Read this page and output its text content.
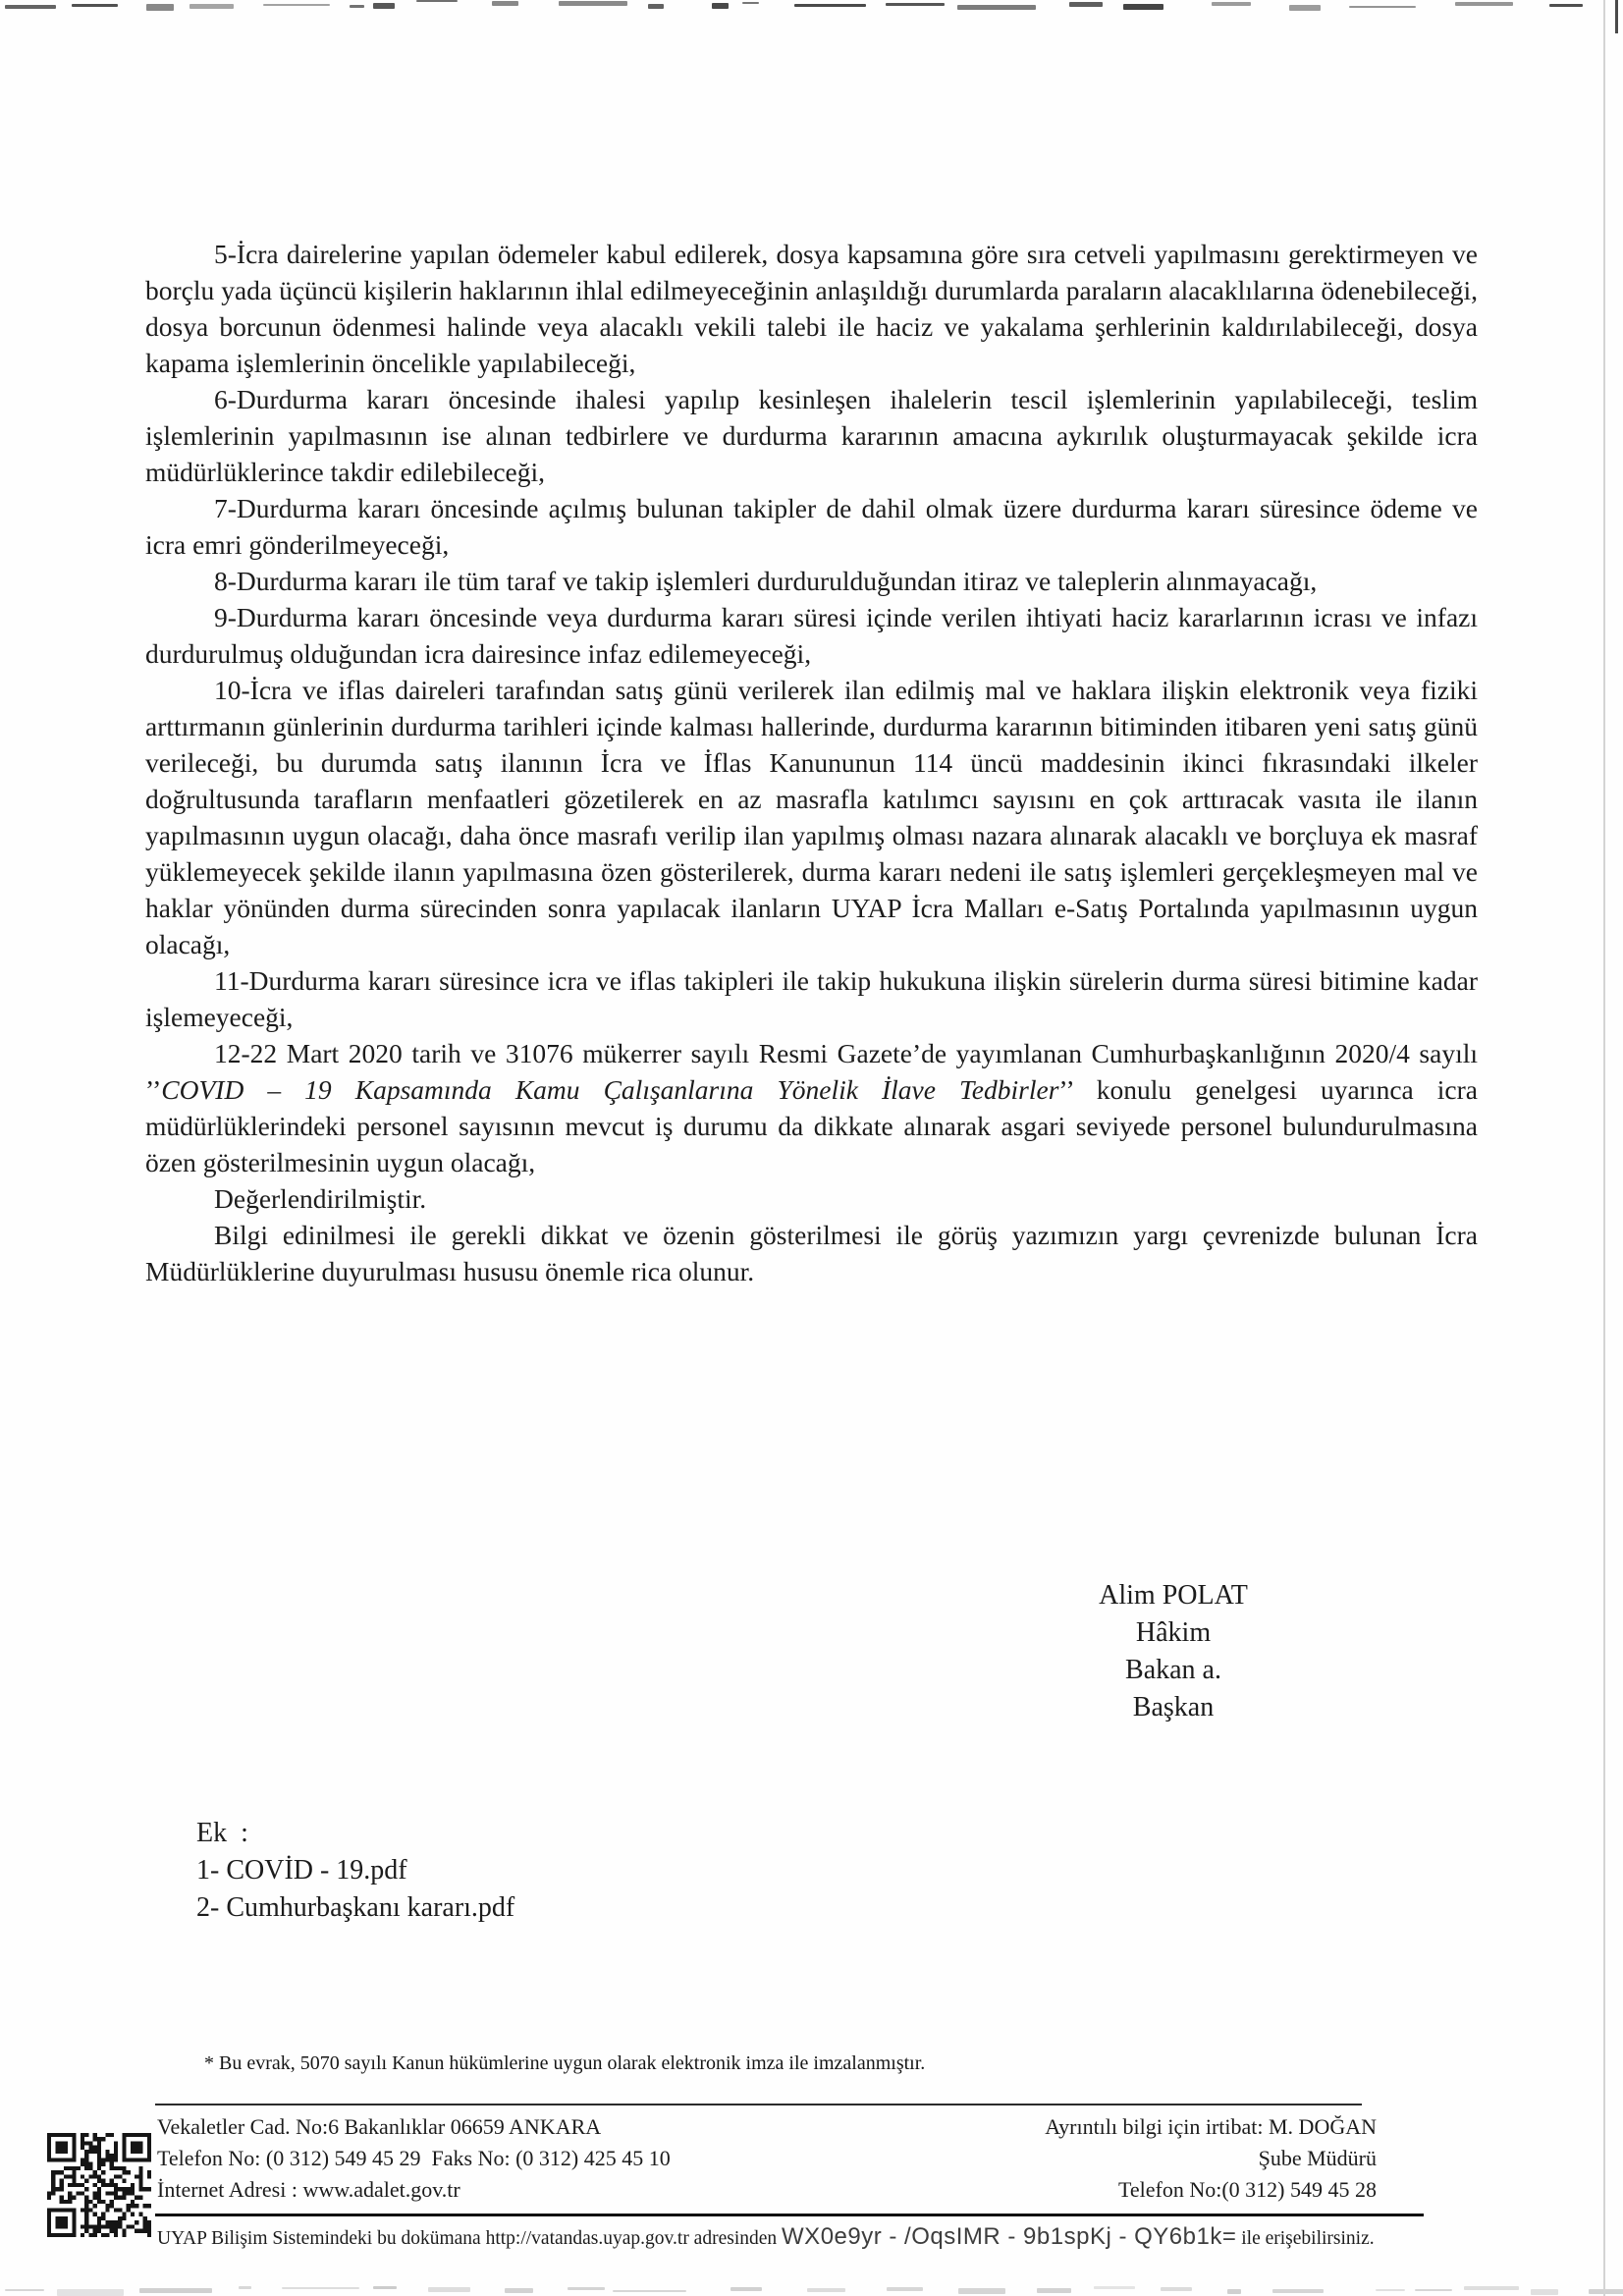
5-İcra dairelerine yapılan ödemeler kabul edilerek, dosya kapsamına göre sıra cetveli yapılmasını gerektirmeyen ve borçlu yada üçüncü kişilerin haklarının ihlal edilmeyeceğinin anlaşıldığı durumlarda paraların alacaklılarına ödenebileceği, dosya borcunun ödenmesi halinde veya alacaklı vekili talebi ile haciz ve yakalama şerhlerinin kaldırılabileceği, dosya kapama işlemlerinin öncelikle yapılabileceği,

6-Durdurma kararı öncesinde ihalesi yapılıp kesinleşen ihalelerin tescil işlemlerinin yapılabileceği, teslim işlemlerinin yapılmasının ise alınan tedbirlere ve durdurma kararının amacına aykırılık oluşturmayacak şekilde icra müdürlüklerince takdir edilebileceği,

7-Durdurma kararı öncesinde açılmış bulunan takipler de dahil olmak üzere durdurma kararı süresince ödeme ve icra emri gönderilmeyeceği,

8-Durdurma kararı ile tüm taraf ve takip işlemleri durdurulduğundan itiraz ve taleplerin alınmayacağı,

9-Durdurma kararı öncesinde veya durdurma kararı süresi içinde verilen ihtiyati haciz kararlarının icrası ve infazı durdurulmuş olduğundan icra dairesince infaz edilemeyeceği,

10-İcra ve iflas daireleri tarafından satış günü verilerek ilan edilmiş mal ve haklara ilişkin elektronik veya fiziki arttırmanın günlerinin durdurma tarihleri içinde kalması hallerinde, durdurma kararının bitiminden itibaren yeni satış günü verileceği, bu durumda satış ilanının İcra ve İflas Kanununun 114 üncü maddesinin ikinci fıkrasındaki ilkeler doğrultusunda tarafların menfaatleri gözetilerek en az masrafla katılımcı sayısını en çok arttıracak vasıta ile ilanın yapılmasının uygun olacağı, daha önce masrafı verilip ilan yapılmış olması nazara alınarak alacaklı ve borçluya ek masraf yüklemeyecek şekilde ilanın yapılmasına özen gösterilerek, durma kararı nedeni ile satış işlemleri gerçekleşmeyen mal ve haklar yönünden durma sürecinden sonra yapılacak ilanların UYAP İcra Malları e-Satış Portalında yapılmasının uygun olacağı,

11-Durdurma kararı süresince icra ve iflas takipleri ile takip hukukuna ilişkin sürelerin durma süresi bitimine kadar işlemeyeceği,

12-22 Mart 2020 tarih ve 31076 mükerrer sayılı Resmi Gazete’de yayımlanan Cumhurbaşkanlığının 2020/4 sayılı ’’COVID – 19 Kapsamında Kamu Çalışanlarına Yönelik İlave Tedbirler’’ konulu genelgesi uyarınca icra müdürlüklerindeki personel sayısının mevcut iş durumu da dikkate alınarak asgari seviyede personel bulundurulmasına özen gösterilmesinin uygun olacağı,

Değerlendirilmiştir.

Bilgi edinilmesi ile gerekli dikkat ve özenin gösterilmesi ile görüş yazımızın yargı çevrenizde bulunan İcra Müdürlüklerine duyurulması hususu önemle rica olunur.

Alim POLAT
Hâkim
Bakan a.
Başkan
Ek  :
1- COVİD - 19.pdf
2- Cumhurbaşkanı kararı.pdf
* Bu evrak, 5070 sayılı Kanun hükümlerine uygun olarak elektronik imza ile imzalanmıştır.
Vekaletler Cad. No:6 Bakanlıklar 06659 ANKARA
Telefon No: (0 312) 549 45 29  Faks No: (0 312) 425 45 10
İnternet Adresi : www.adalet.gov.tr
Ayrıntılı bilgi için irtibat: M. DOĞAN
Şube Müdürü
Telefon No:(0 312) 549 45 28
UYAP Bilişim Sistemindeki bu dokümana http://vatandas.uyap.gov.tr adresinden WX0e9yr - /OqsIMR - 9b1spKj - QY6b1k= ile erişebilirsiniz.
